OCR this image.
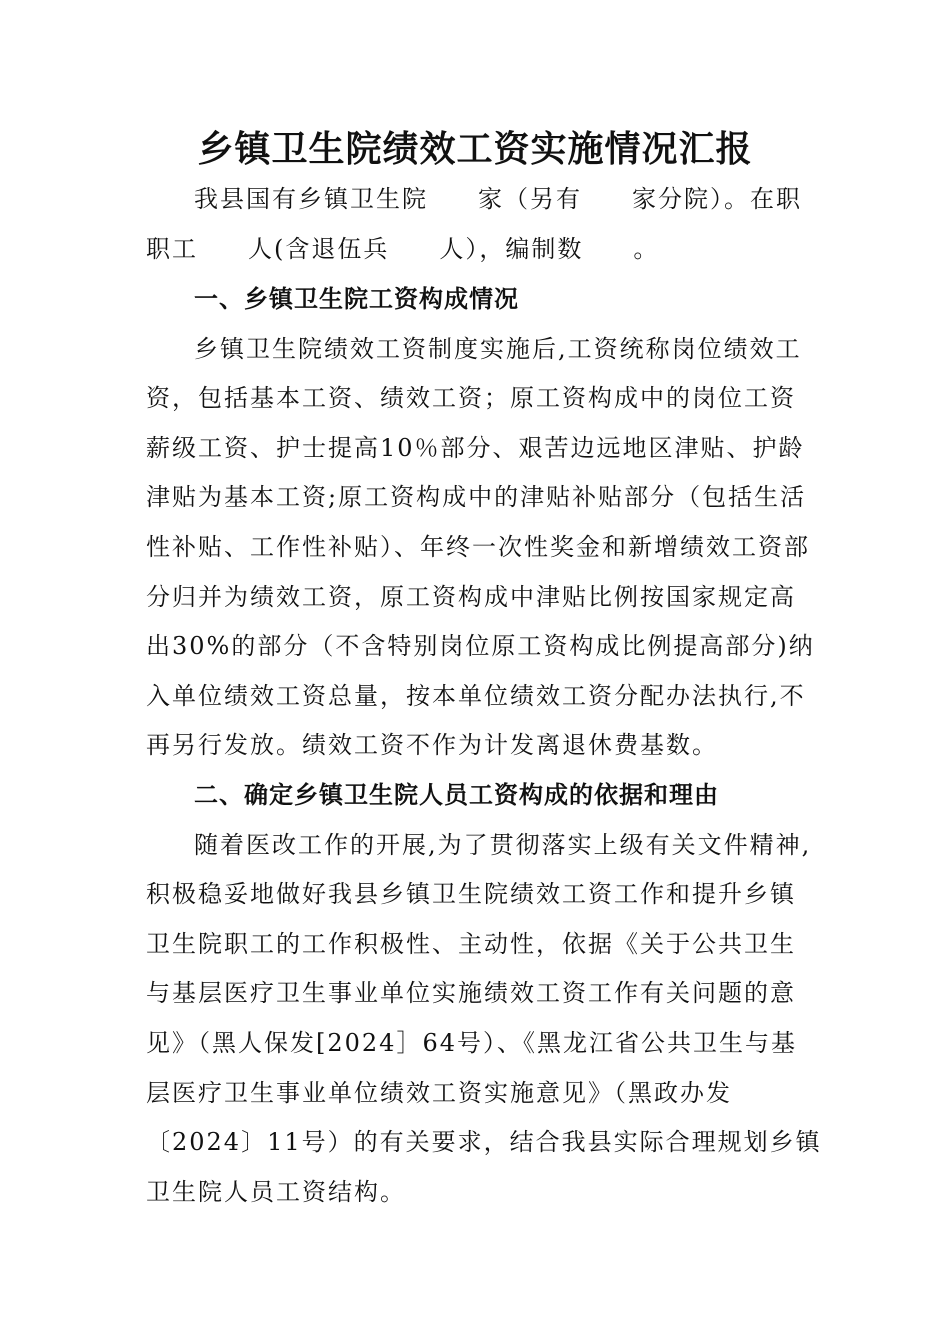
乡镇卫生院绩效工资实施情况汇报

我县国有乡镇卫生院 家（另有 家分院）。在职

职工 人(含退伍兵 人），编制数 。

一、乡镇卫生院工资构成情况

乡镇卫生院绩效工资制度实施后,工资统称岗位绩效工

资，包括基本工资、绩效工资；原工资构成中的岗位工资

薪级工资、护士提高10％部分、艰苦边远地区津贴、护龄

津贴为基本工资;原工资构成中的津贴补贴部分（包括生活

性补贴、工作性补贴）、年终一次性奖金和新增绩效工资部

分归并为绩效工资，原工资构成中津贴比例按国家规定高

出30%的部分（不含特别岗位原工资构成比例提高部分)纳

入单位绩效工资总量，按本单位绩效工资分配办法执行,不

再另行发放。绩效工资不作为计发离退休费基数。

二、确定乡镇卫生院人员工资构成的依据和理由

随着医改工作的开展,为了贯彻落实上级有关文件精神,

积极稳妥地做好我县乡镇卫生院绩效工资工作和提升乡镇

卫生院职工的工作积极性、主动性，依据《关于公共卫生

与基层医疗卫生事业单位实施绩效工资工作有关问题的意

见》（黑人保发[2024］64号）、《黑龙江省公共卫生与基

层医疗卫生事业单位绩效工资实施意见》（黑政办发

〔2024〕11号）的有关要求，结合我县实际合理规划乡镇

卫生院人员工资结构。
